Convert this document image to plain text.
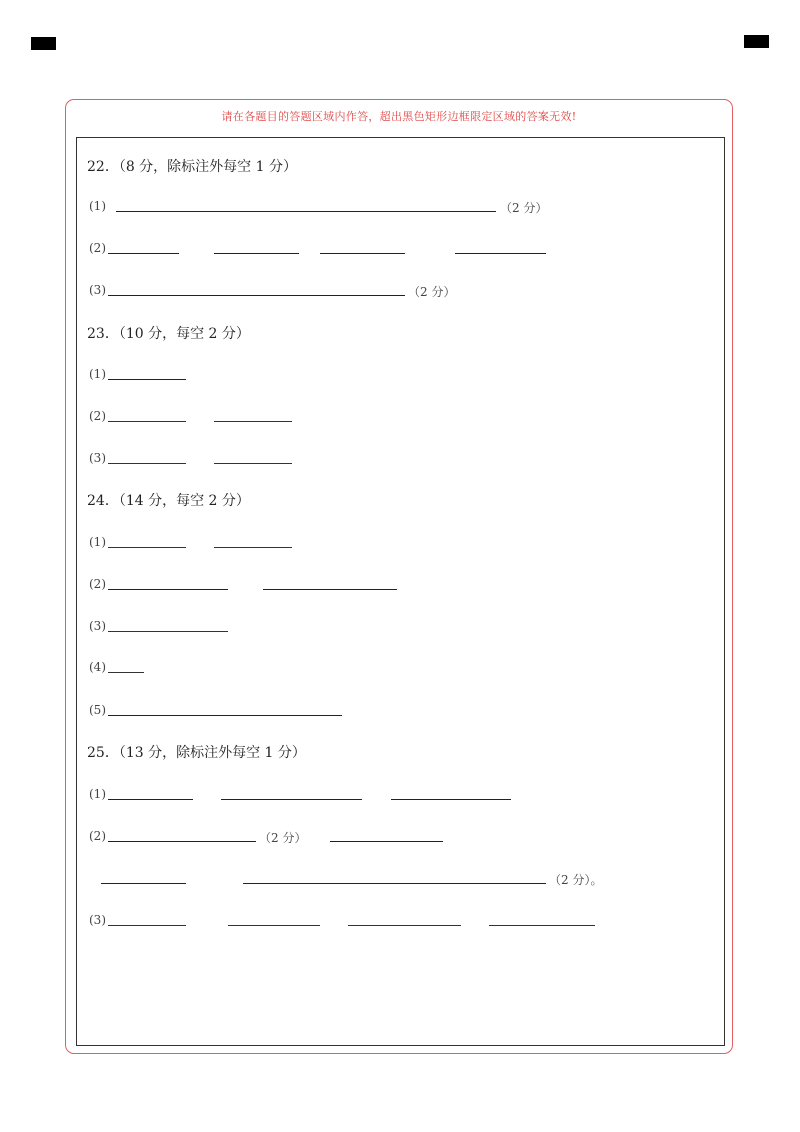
请在各题目的答题区域内作答，超出黑色矩形边框限定区域的答案无效!
22．（8 分，除标注外每空 1 分）
(1)	（2 分）
(2)
(3)	（2 分）
23．（10 分，每空 2 分）
(1)
(2)
(3)
24．（14 分，每空 2 分）
(1)
(2)
(3)
(4)
(5)
25．（13 分，除标注外每空 1 分）
(1)
(2)	（2 分）
（2 分）。
(3)
